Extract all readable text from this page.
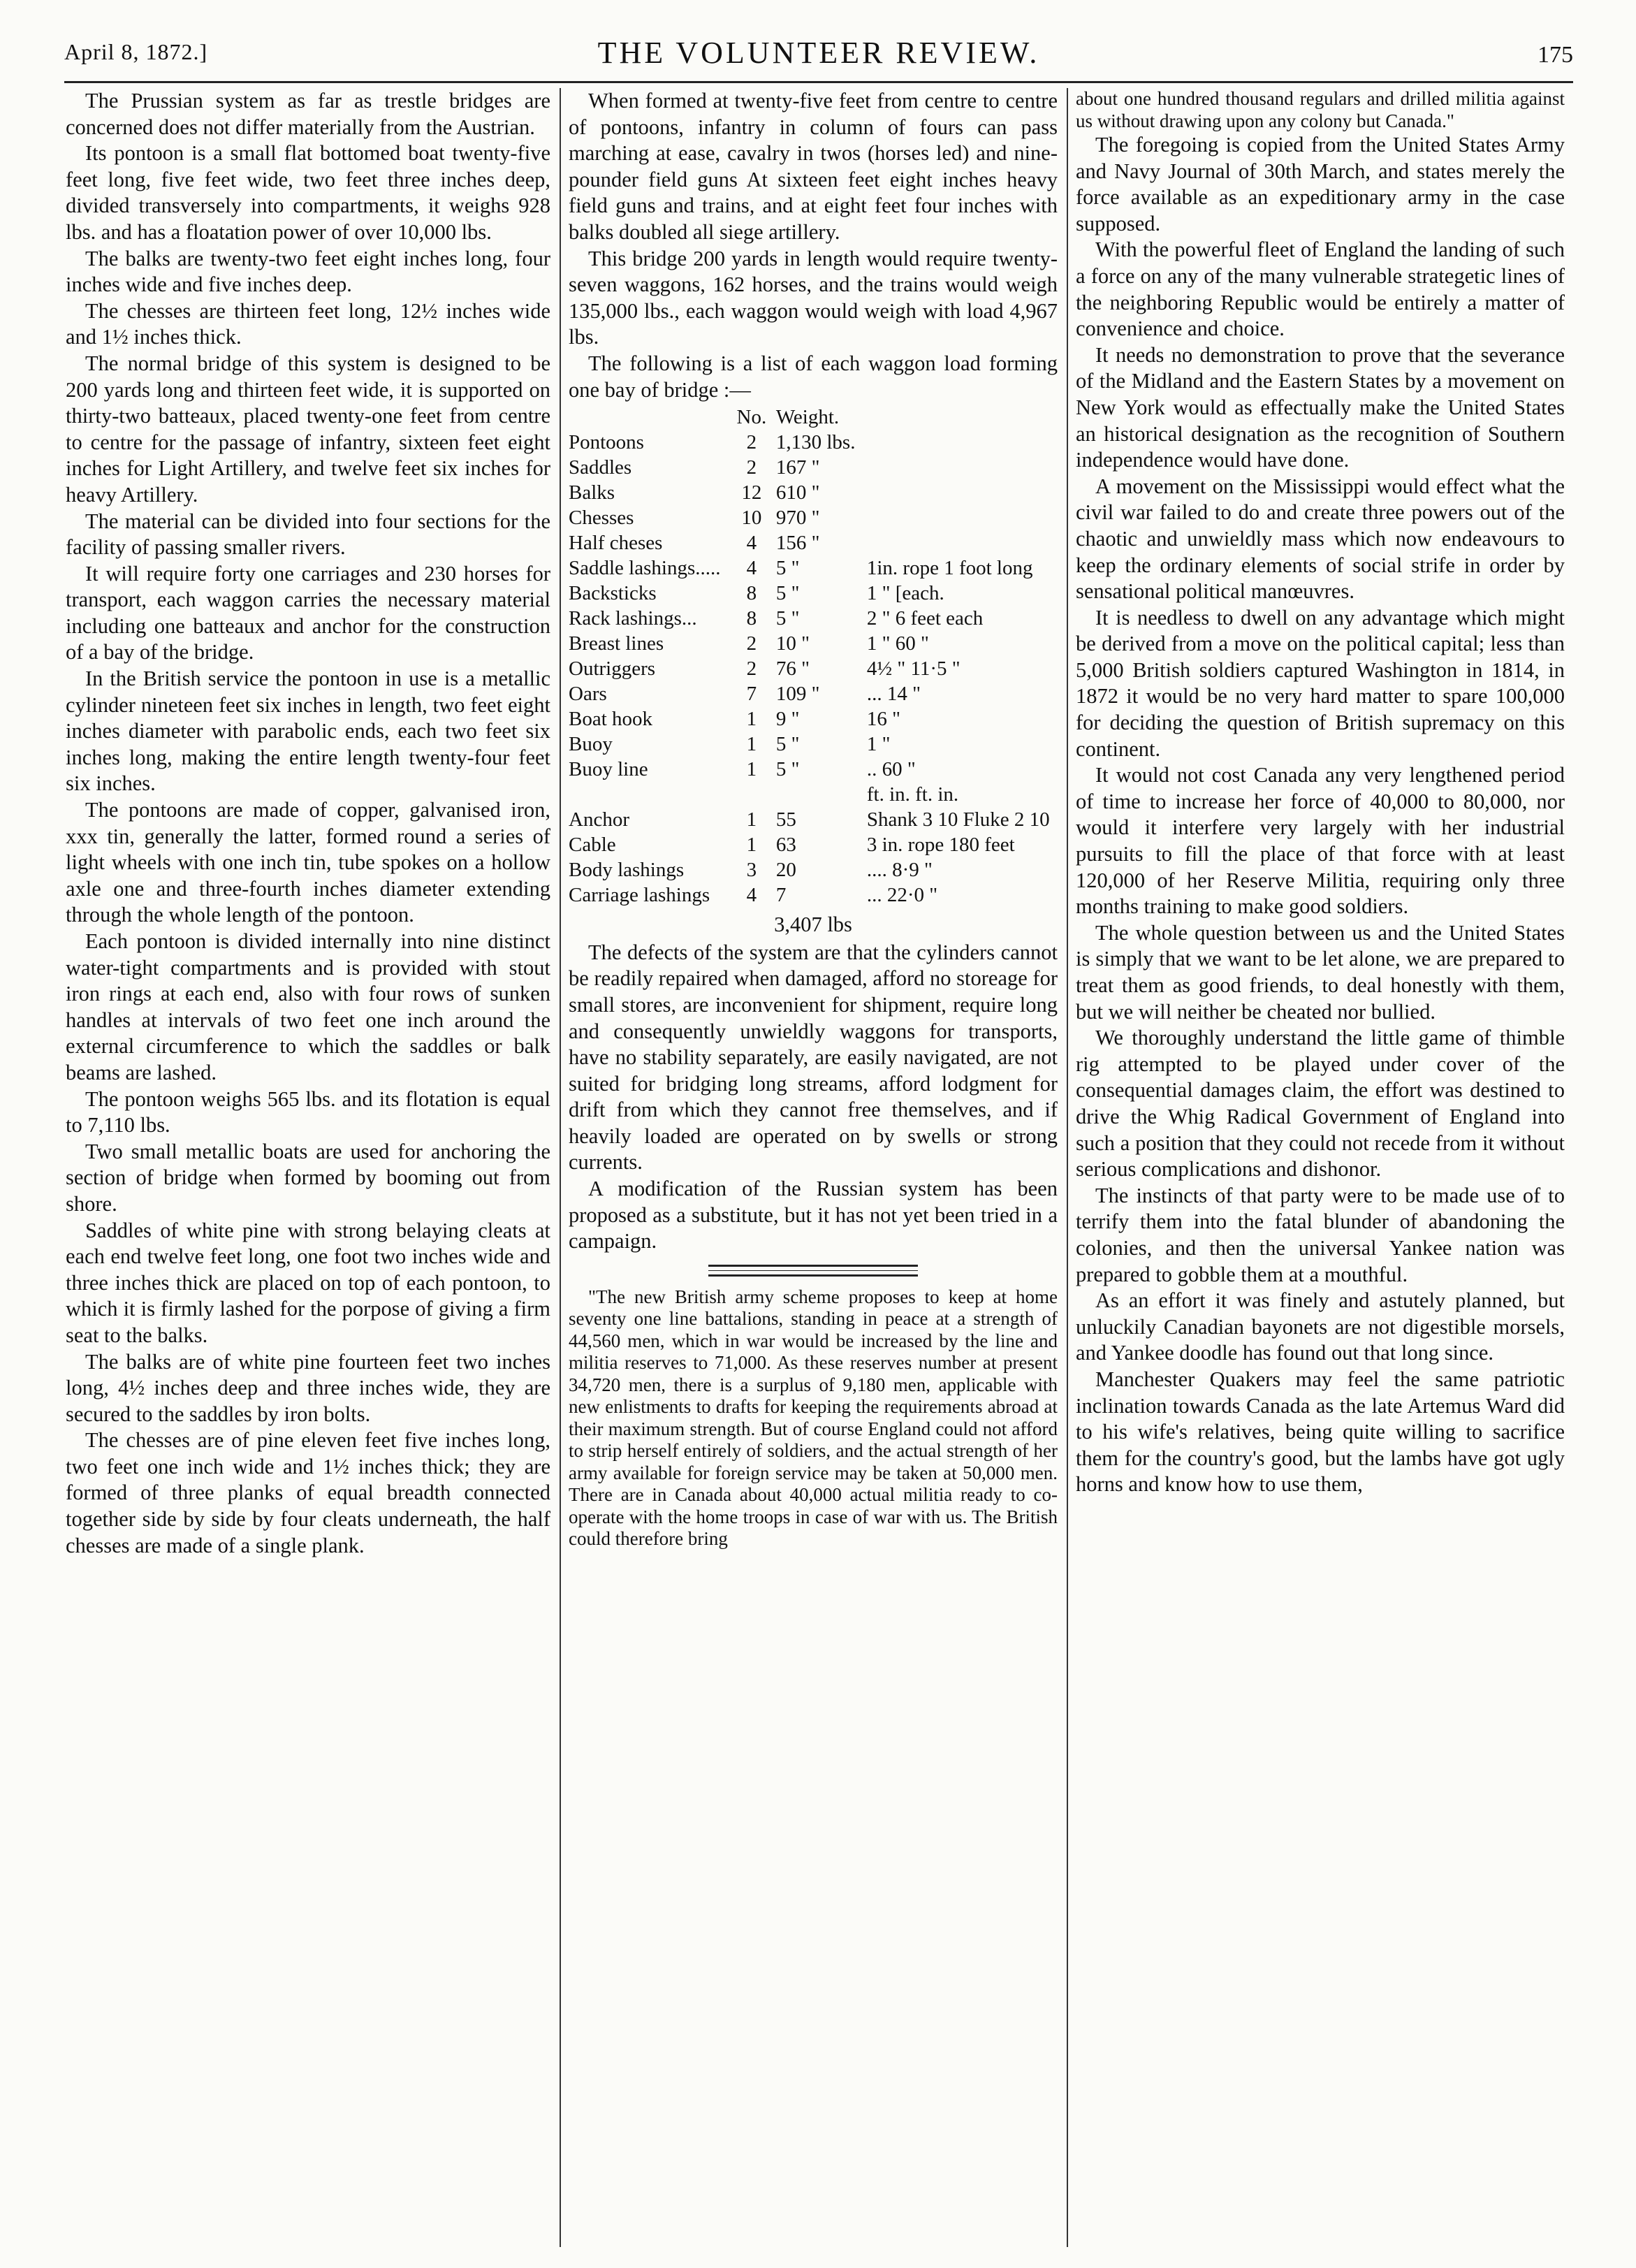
April 8, 1872.]	THE VOLUNTEER REVIEW.	175

The Prussian system as far as trestle bridges are concerned does not differ materially from the Austrian.

Its pontoon is a small flat bottomed boat twenty-five feet long, five feet wide, two feet three inches deep, divided transversely into compartments, it weighs 928 lbs. and has a floatation power of over 10,000 lbs.

The balks are twenty-two feet eight inches long, four inches wide and five inches deep.

The chesses are thirteen feet long, 12½ inches wide and 1½ inches thick.

The normal bridge of this system is designed to be 200 yards long and thirteen feet wide, it is supported on thirty-two batteaux, placed twenty-one feet from centre to centre for the passage of infantry, sixteen feet eight inches for Light Artillery, and twelve feet six inches for heavy Artillery.

The material can be divided into four sections for the facility of passing smaller rivers.

It will require forty one carriages and 230 horses for transport, each waggon carries the necessary material including one batteaux and anchor for the construction of a bay of the bridge.

In the British service the pontoon in use is a metallic cylinder nineteen feet six inches in length, two feet eight inches diameter with parabolic ends, each two feet six inches long, making the entire length twenty-four feet six inches.

The pontoons are made of copper, galvanised iron, xxx tin, generally the latter, formed round a series of light wheels with one inch tin, tube spokes on a hollow axle one and three-fourth inches diameter extending through the whole length of the pontoon.

Each pontoon is divided internally into nine distinct water-tight compartments and is provided with stout iron rings at each end, also with four rows of sunken handles at intervals of two feet one inch around the external circumference to which the saddles or balk beams are lashed.

The pontoon weighs 565 lbs. and its flotation is equal to 7,110 lbs.

Two small metallic boats are used for anchoring the section of bridge when formed by booming out from shore.

Saddles of white pine with strong belaying cleats at each end twelve feet long, one foot two inches wide and three inches thick are placed on top of each pontoon, to which it is firmly lashed for the porpose of giving a firm seat to the balks.

The balks are of white pine fourteen feet two inches long, 4½ inches deep and three inches wide, they are secured to the saddles by iron bolts.

The chesses are of pine eleven feet five inches long, two feet one inch wide and 1½ inches thick; they are formed of three planks of equal breadth connected together side by side by four cleats underneath, the half chesses are made of a single plank.

When formed at twenty-five feet from centre to centre of pontoons, infantry in column of fours can pass marching at ease, cavalry in twos (horses led) and nine-pounder field guns At sixteen feet eight inches heavy field guns and trains, and at eight feet four inches with balks doubled all siege artillery.

This bridge 200 yards in length would require twenty-seven waggons, 162 horses, and the trains would weigh 135,000 lbs., each waggon would weigh with load 4,967 lbs.

The following is a list of each waggon load forming one bay of bridge :—

	No.	Weight.	
Pontoons	2	1,130 lbs.	
Saddles	2	167 "	
Balks	12	610 "	
Chesses	10	970 "	
Half cheses	4	156 "	
Saddle lashings.....	4	5 "	1in. rope 1 foot long
Backsticks	8	5 "	1 " [each.
Rack lashings...	8	5 "	2 " 6 feet each
Breast lines	2	10 "	1 " 60 "
Outriggers	2	76 "	4½ " 11·5 "
Oars	7	109 "	... 14 "
Boat hook	1	9 "	16 "
Buoy	1	5 "	1 "
Buoy line	1	5 "	.. 60 "
			ft. in. ft. in.
Anchor	1	55	Shank 3 10 Fluke 2 10
Cable	1	63	3 in. rope 180 feet
Body lashings	3	20	.... 8·9 "
Carriage lashings	4	7	... 22·0 "

3,407 lbs

The defects of the system are that the cylinders cannot be readily repaired when damaged, afford no storeage for small stores, are inconvenient for shipment, require long and consequently unwieldly waggons for transports, have no stability separately, are easily navigated, are not suited for bridging long streams, afford lodgment for drift from which they cannot free themselves, and if heavily loaded are operated on by swells or strong currents.

A modification of the Russian system has been proposed as a substitute, but it has not yet been tried in a campaign.

"The new British army scheme proposes to keep at home seventy one line battalions, standing in peace at a strength of 44,560 men, which in war would be increased by the line and militia reserves to 71,000. As these reserves number at present 34,720 men, there is a surplus of 9,180 men, applicable with new enlistments to drafts for keeping the requirements abroad at their maximum strength. But of course England could not afford to strip herself entirely of soldiers, and the actual strength of her army available for foreign service may be taken at 50,000 men. There are in Canada about 40,000 actual militia ready to co-operate with the home troops in case of war with us. The British could therefore bring

about one hundred thousand regulars and drilled militia against us without drawing upon any colony but Canada."

The foregoing is copied from the United States Army and Navy Journal of 30th March, and states merely the force available as an expeditionary army in the case supposed.

With the powerful fleet of England the landing of such a force on any of the many vulnerable strategetic lines of the neighboring Republic would be entirely a matter of convenience and choice.

It needs no demonstration to prove that the severance of the Midland and the Eastern States by a movement on New York would as effectually make the United States an historical designation as the recognition of Southern independence would have done.

A movement on the Mississippi would effect what the civil war failed to do and create three powers out of the chaotic and unwieldly mass which now endeavours to keep the ordinary elements of social strife in order by sensational political manœuvres.

It is needless to dwell on any advantage which might be derived from a move on the political capital; less than 5,000 British soldiers captured Washington in 1814, in 1872 it would be no very hard matter to spare 100,000 for deciding the question of British supremacy on this continent.

It would not cost Canada any very lengthened period of time to increase her force of 40,000 to 80,000, nor would it interfere very largely with her industrial pursuits to fill the place of that force with at least 120,000 of her Reserve Militia, requiring only three months training to make good soldiers.

The whole question between us and the United States is simply that we want to be let alone, we are prepared to treat them as good friends, to deal honestly with them, but we will neither be cheated nor bullied.

We thoroughly understand the little game of thimble rig attempted to be played under cover of the consequential damages claim, the effort was destined to drive the Whig Radical Government of England into such a position that they could not recede from it without serious complications and dishonor.

The instincts of that party were to be made use of to terrify them into the fatal blunder of abandoning the colonies, and then the universal Yankee nation was prepared to gobble them at a mouthful.

As an effort it was finely and astutely planned, but unluckily Canadian bayonets are not digestible morsels, and Yankee doodle has found out that long since.

Manchester Quakers may feel the same patriotic inclination towards Canada as the late Artemus Ward did to his wife's relatives, being quite willing to sacrifice them for the country's good, but the lambs have got ugly horns and know how to use them,
